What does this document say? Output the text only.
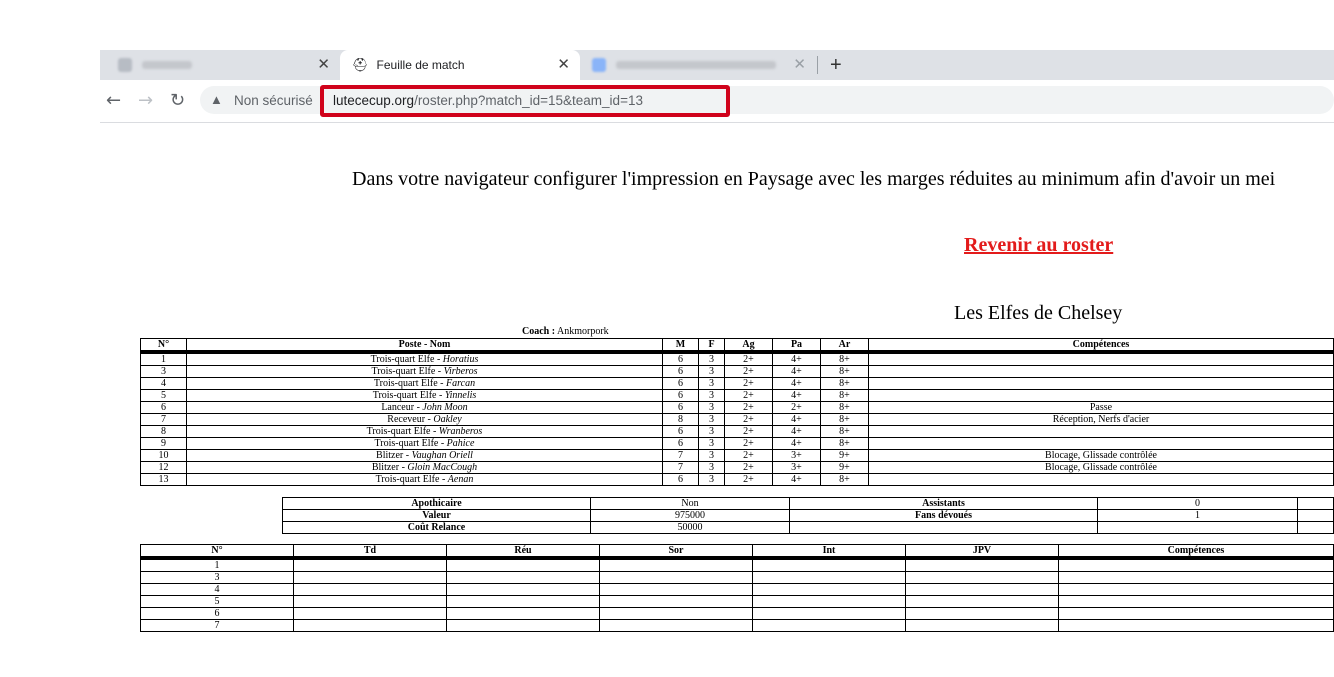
✕ ⛑ Feuille de match	✕	✕ +
← → ↻ ▲ Non sécurisé lutececup.org/roster.php?match_id=15&team_id=13
Dans votre navigateur configurer l'impression en Paysage avec les marges réduites au minimum afin d'avoir un mei
Revenir au roster
Les Elfes de Chelsey
Coach : Ankmorpork
N°	Poste - Nom	M	F	Ag	Pa	Ar	Compétences
1	Trois-quart Elfe - Horatius	6	3	2+	4+	8+	
3	Trois-quart Elfe - Virberos	6	3	2+	4+	8+	
4	Trois-quart Elfe - Farcan	6	3	2+	4+	8+	
5	Trois-quart Elfe - Yinnelis	6	3	2+	4+	8+	
6	Lanceur - John Moon	6	3	2+	2+	8+	Passe
7	Receveur - Oakley	8	3	2+	4+	8+	Réception, Nerfs d'acier
8	Trois-quart Elfe - Wranberos	6	3	2+	4+	8+	
9	Trois-quart Elfe - Pahice	6	3	2+	4+	8+	
10	Blitzer - Vaughan Oriell	7	3	2+	3+	9+	Blocage, Glissade contrôlée
12	Blitzer - Gloin MacCough	7	3	2+	3+	9+	Blocage, Glissade contrôlée
13	Trois-quart Elfe - Aenan	6	3	2+	4+	8+	
Apothicaire	Non	Assistants	0	
Valeur	975000	Fans dévoués	1	
Coût Relance	50000			
N°	Td	Réu	Sor	Int	JPV	Compétences
1						
3						
4						
5						
6						
7						
